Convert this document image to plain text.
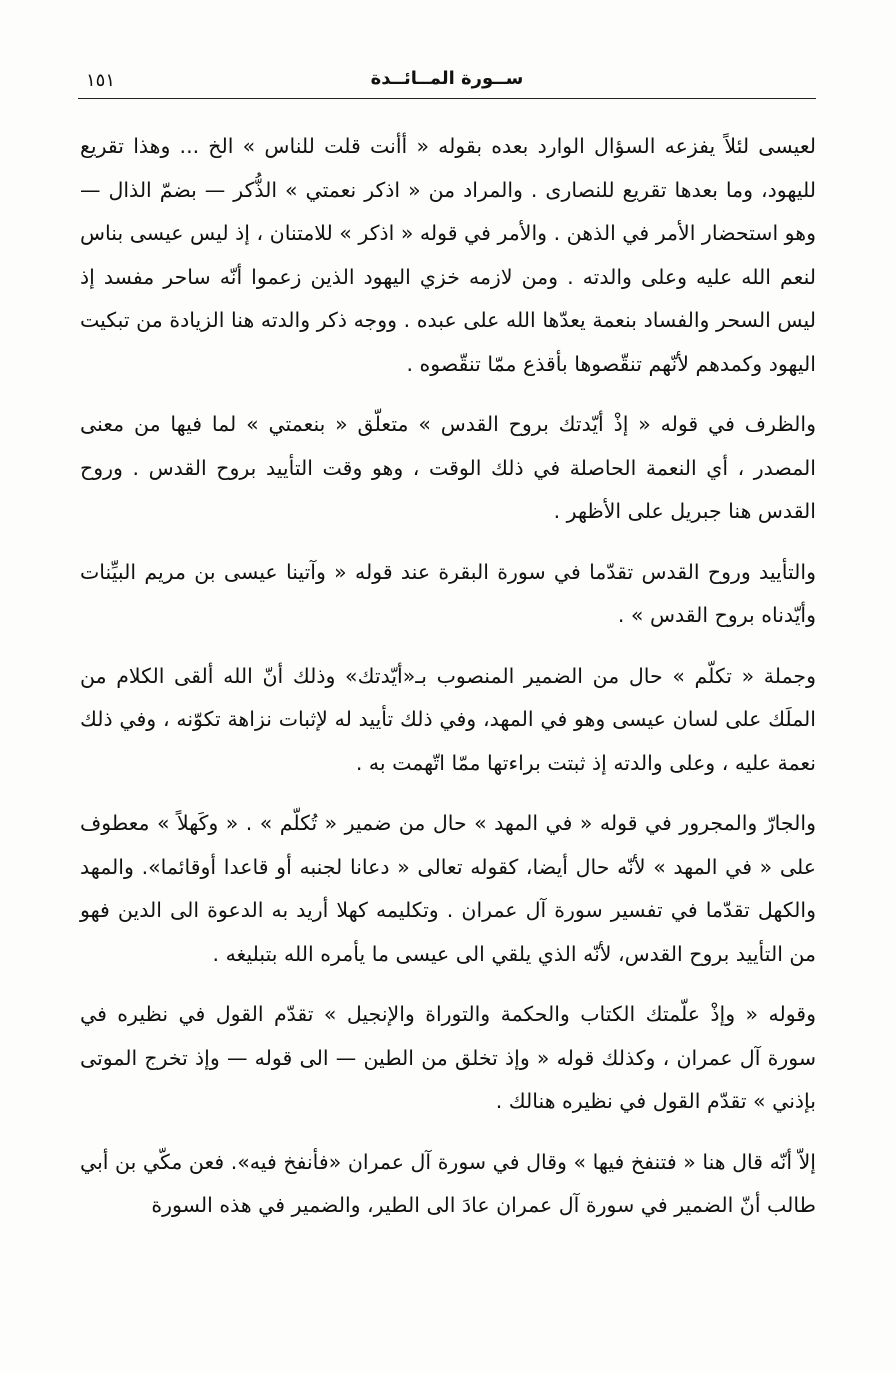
١٥١	ســورة المــائــدة

لعيسى لئلاً يفزعه السؤال الوارد بعده بقوله « أأنت قلت للناس » الخ ... وهذا تقريع لليهود، وما بعدها تقريع للنصارى . والمراد من « اذكر نعمتي » الذُّكر — بضمّ الذال — وهو استحضار الأمر في الذهن . والأمر في قوله « اذكر » للامتنان ، إذ ليس عيسى بناس لنعم الله عليه وعلى والدته . ومن لازمه خزي اليهود الذين زعموا أنّه ساحر مفسد إذ ليس السحر والفساد بنعمة يعدّها الله على عبده . ووجه ذكر والدته هنا الزيادة من تبكيت اليهود وكمدهم لأنّهم تنقّصوها بأقذع ممّا تنقّصوه .

والظرف في قوله « إذْ أيّدتك بروح القدس » متعلّق « بنعمتي » لما فيها من معنى المصدر ، أي النعمة الحاصلة في ذلك الوقت ، وهو وقت التأييد بروح القدس . وروح القدس هنا جبريل على الأظهر .

والتأييد وروح القدس تقدّما في سورة البقرة عند قوله « وآتينا عيسى بن مريم البيِّنات وأيّدناه بروح القدس » .

وجملة « تكلّم » حال من الضمير المنصوب بـ«أيّدتك» وذلك أنّ الله ألقى الكلام من الملَك على لسان عيسى وهو في المهد، وفي ذلك تأييد له لإثبات نزاهة تكوّنه ، وفي ذلك نعمة عليه ، وعلى والدته إذ ثبتت براءتها ممّا اتّهمت به .

والجارّ والمجرور في قوله « في المهد » حال من ضمير « تُكلّم » . « وكَهلاً » معطوف على « في المهد » لأنّه حال أيضا، كقوله تعالى « دعانا لجنبه أو قاعدا أوقائما». والمهد والكهل تقدّما في تفسير سورة آل عمران . وتكليمه كهلا أريد به الدعوة الى الدين فهو من التأييد بروح القدس، لأنّه الذي يلقي الى عيسى ما يأمره الله بتبليغه .

وقوله « وإذْ علّمتك الكتاب والحكمة والتوراة والإنجيل » تقدّم القول في نظيره في سورة آل عمران ، وكذلك قوله « وإذ تخلق من الطين — الى قوله — وإذ تخرج الموتى بإذني » تقدّم القول في نظيره هنالك .

إلاّ أنّه قال هنا « فتنفخ فيها » وقال في سورة آل عمران «فأنفخ فيه». فعن مكّي بن أبي طالب أنّ الضمير في سورة آل عمران عادَ الى الطير، والضمير في هذه السورة
